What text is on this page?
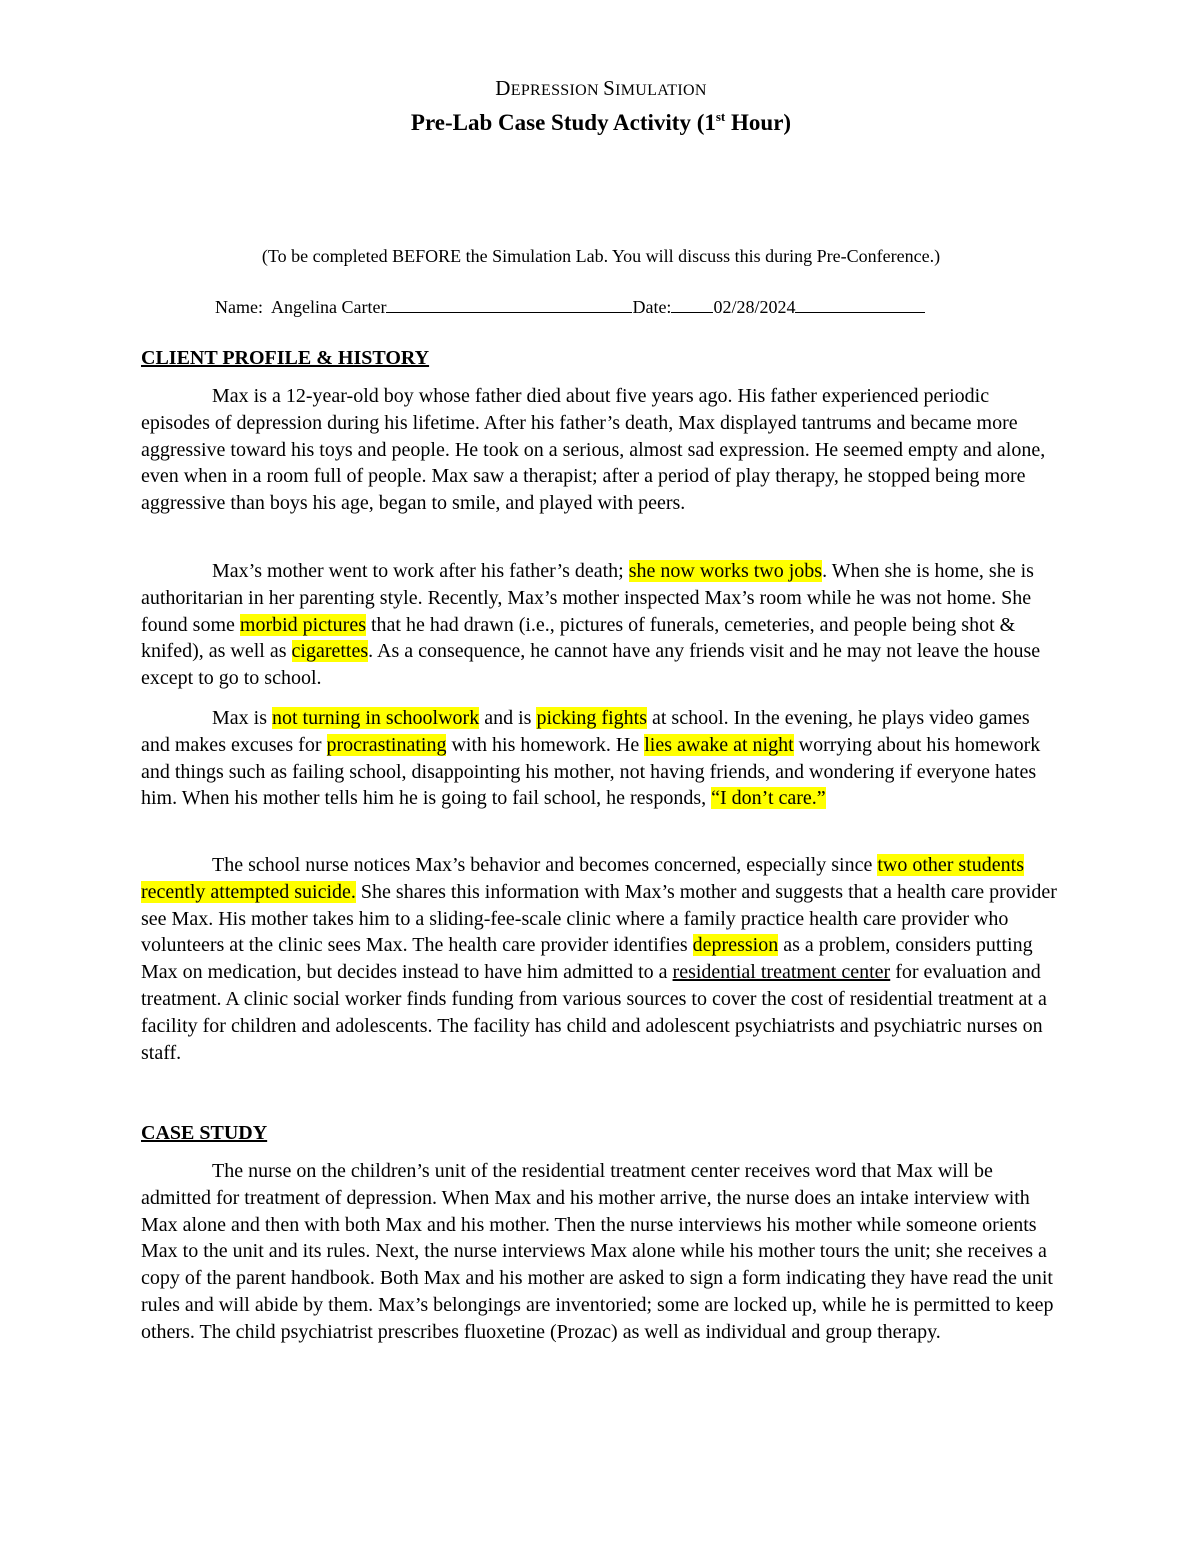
DEPRESSION SIMULATION
Pre-Lab Case Study Activity (1st Hour)
(To be completed BEFORE the Simulation Lab. You will discuss this during Pre-Conference.)
Name: Angelina Carter	Date: 02/28/2024
CLIENT PROFILE & HISTORY
Max is a 12-year-old boy whose father died about five years ago. His father experienced periodic episodes of depression during his lifetime. After his father’s death, Max displayed tantrums and became more aggressive toward his toys and people. He took on a serious, almost sad expression. He seemed empty and alone, even when in a room full of people. Max saw a therapist; after a period of play therapy, he stopped being more aggressive than boys his age, began to smile, and played with peers.
Max’s mother went to work after his father’s death; she now works two jobs. When she is home, she is authoritarian in her parenting style. Recently, Max’s mother inspected Max’s room while he was not home. She found some morbid pictures that he had drawn (i.e., pictures of funerals, cemeteries, and people being shot & knifed), as well as cigarettes. As a consequence, he cannot have any friends visit and he may not leave the house except to go to school.
Max is not turning in schoolwork and is picking fights at school. In the evening, he plays video games and makes excuses for procrastinating with his homework. He lies awake at night worrying about his homework and things such as failing school, disappointing his mother, not having friends, and wondering if everyone hates him. When his mother tells him he is going to fail school, he responds, “I don’t care.”
The school nurse notices Max’s behavior and becomes concerned, especially since two other students recently attempted suicide. She shares this information with Max’s mother and suggests that a health care provider see Max. His mother takes him to a sliding-fee-scale clinic where a family practice health care provider who volunteers at the clinic sees Max. The health care provider identifies depression as a problem, considers putting Max on medication, but decides instead to have him admitted to a residential treatment center for evaluation and treatment. A clinic social worker finds funding from various sources to cover the cost of residential treatment at a facility for children and adolescents. The facility has child and adolescent psychiatrists and psychiatric nurses on staff.
CASE STUDY
The nurse on the children’s unit of the residential treatment center receives word that Max will be admitted for treatment of depression. When Max and his mother arrive, the nurse does an intake interview with Max alone and then with both Max and his mother. Then the nurse interviews his mother while someone orients Max to the unit and its rules. Next, the nurse interviews Max alone while his mother tours the unit; she receives a copy of the parent handbook. Both Max and his mother are asked to sign a form indicating they have read the unit rules and will abide by them. Max’s belongings are inventoried; some are locked up, while he is permitted to keep others. The child psychiatrist prescribes fluoxetine (Prozac) as well as individual and group therapy.
